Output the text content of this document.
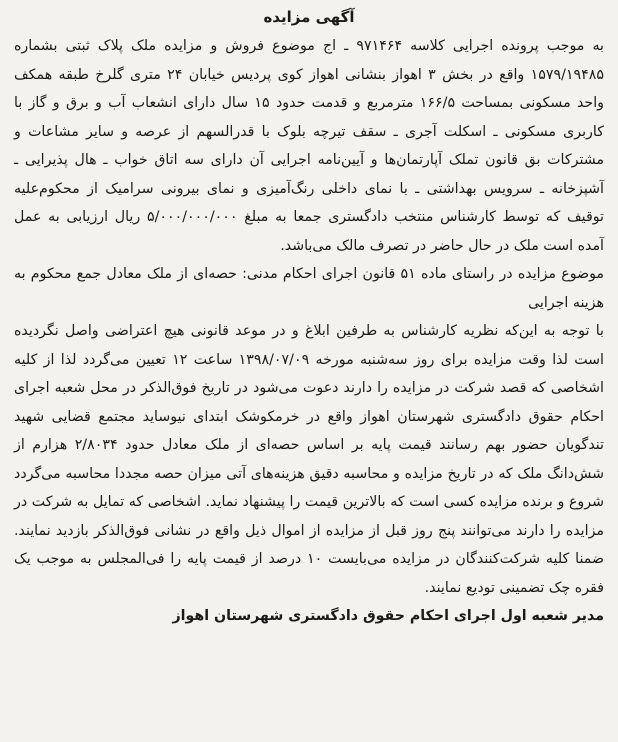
آگهی مزایده

به موجب پرونده اجرایی کلاسه ۹۷۱۴۶۴ ـ اج موضوع فروش و مزایده ملک پلاک ثبتی بشماره ۱۵۷۹/۱۹۴۸۵ واقع در بخش ۳ اهواز بنشانی اهواز کوی پردیس خیابان ۲۴ متری گلرخ طبقه همکف واحد مسکونی بمساحت ۱۶۶/۵ مترمربع و قدمت حدود ۱۵ سال دارای انشعاب آب و برق و گاز با کاربری مسکونی ـ اسکلت آجری ـ سقف تیرچه بلوک با قدرالسهم از عرصه و سایر مشاعات و مشترکات بق قانون تملک آپارتمان‌ها و آیین‌نامه اجرایی آن دارای سه اتاق خواب ـ هال پذیرایی ـ آشپزخانه ـ سرویس بهداشتی ـ با نمای داخلی رنگ‌آمیزی و نمای بیرونی سرامیک از محکوم‌علیه توقیف که توسط کارشناس منتخب دادگستری جمعا به مبلغ ۵/۰۰۰/۰۰۰/۰۰۰ ریال ارزیابی به عمل آمده است ملک در حال حاضر در تصرف مالک می‌باشد.

موضوع مزایده در راستای ماده ۵۱ قانون اجرای احکام مدنی: حصه‌ای از ملک معادل جمع محکوم به هزینه اجرایی

با توجه به این‌که نظریه کارشناس به طرفین ابلاغ و در موعد قانونی هیچ اعتراضی واصل نگردیده است لذا وقت مزایده برای روز سه‌شنبه مورخه ۱۳۹۸/۰۷/۰۹ ساعت ۱۲ تعیین می‌گردد لذا از کلیه اشخاصی که قصد شرکت در مزایده را دارند دعوت می‌شود در تاریخ فوق‌الذکر در محل شعبه اجرای احکام حقوق دادگستری شهرستان اهواز واقع در خرمکوشک ابتدای نیوساید مجتمع قضایی شهید تندگویان حضور بهم رسانند قیمت پایه بر اساس حصه‌ای از ملک معادل حدود ۲/۸۰۳۴ هزارم از شش‌دانگ ملک که در تاریخ مزایده و محاسبه دقیق هزینه‌های آتی میزان حصه مجددا محاسبه می‌گردد شروع و برنده مزایده کسی است که بالاترین قیمت را پیشنهاد نماید. اشخاصی که تمایل به شرکت در مزایده را دارند می‌توانند پنج روز قبل از مزایده از اموال ذیل واقع در نشانی فوق‌الذکر بازدید نمایند. ضمنا کلیه شرکت‌کنندگان در مزایده می‌بایست ۱۰ درصد از قیمت پایه را فی‌المجلس به موجب یک فقره چک تضمینی تودیع نمایند.

مدیر شعبه اول اجرای احکام حقوق دادگستری شهرستان اهواز
